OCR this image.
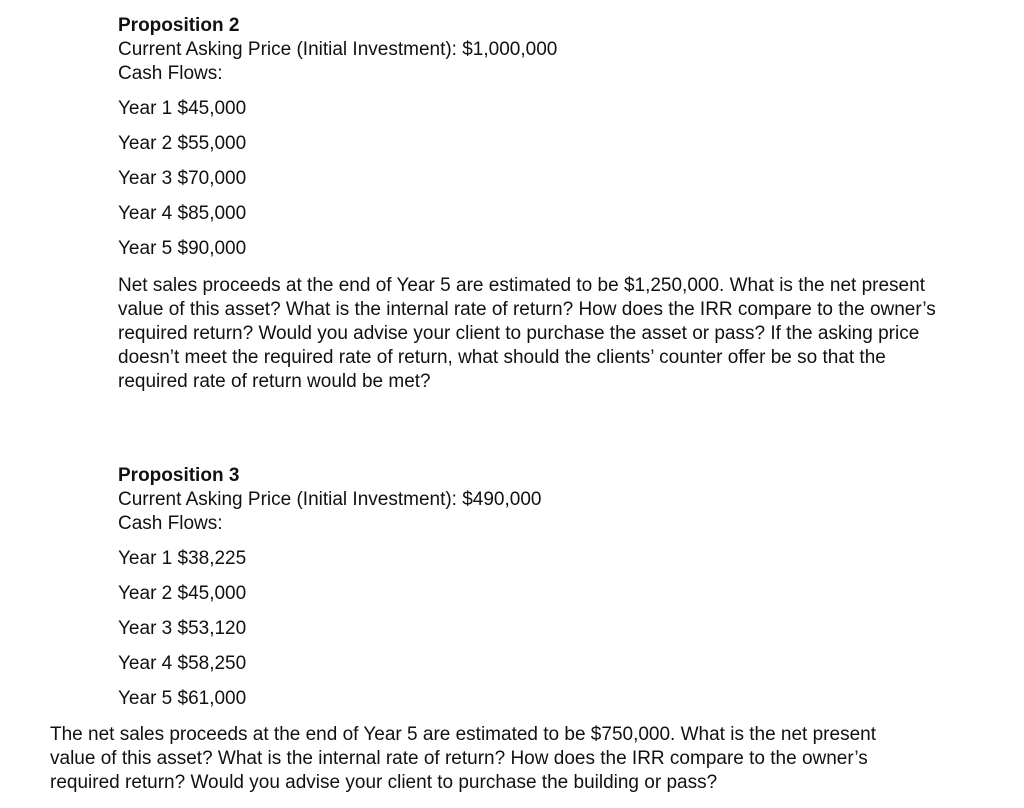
Proposition 2
Current Asking Price (Initial Investment): $1,000,000
Cash Flows:
Year 1 $45,000
Year 2 $55,000
Year 3 $70,000
Year 4 $85,000
Year 5 $90,000
Net sales proceeds at the end of Year 5 are estimated to be $1,250,000. What is the net present value of this asset? What is the internal rate of return? How does the IRR compare to the owner’s required return? Would you advise your client to purchase the asset or pass? If the asking price doesn’t meet the required rate of return, what should the clients’ counter offer be so that the required rate of return would be met?
Proposition 3
Current Asking Price (Initial Investment): $490,000
Cash Flows:
Year 1 $38,225
Year 2 $45,000
Year 3 $53,120
Year 4 $58,250
Year 5 $61,000
The net sales proceeds at the end of Year 5 are estimated to be $750,000. What is the net present value of this asset? What is the internal rate of return? How does the IRR compare to the owner’s required return? Would you advise your client to purchase the building or pass?
